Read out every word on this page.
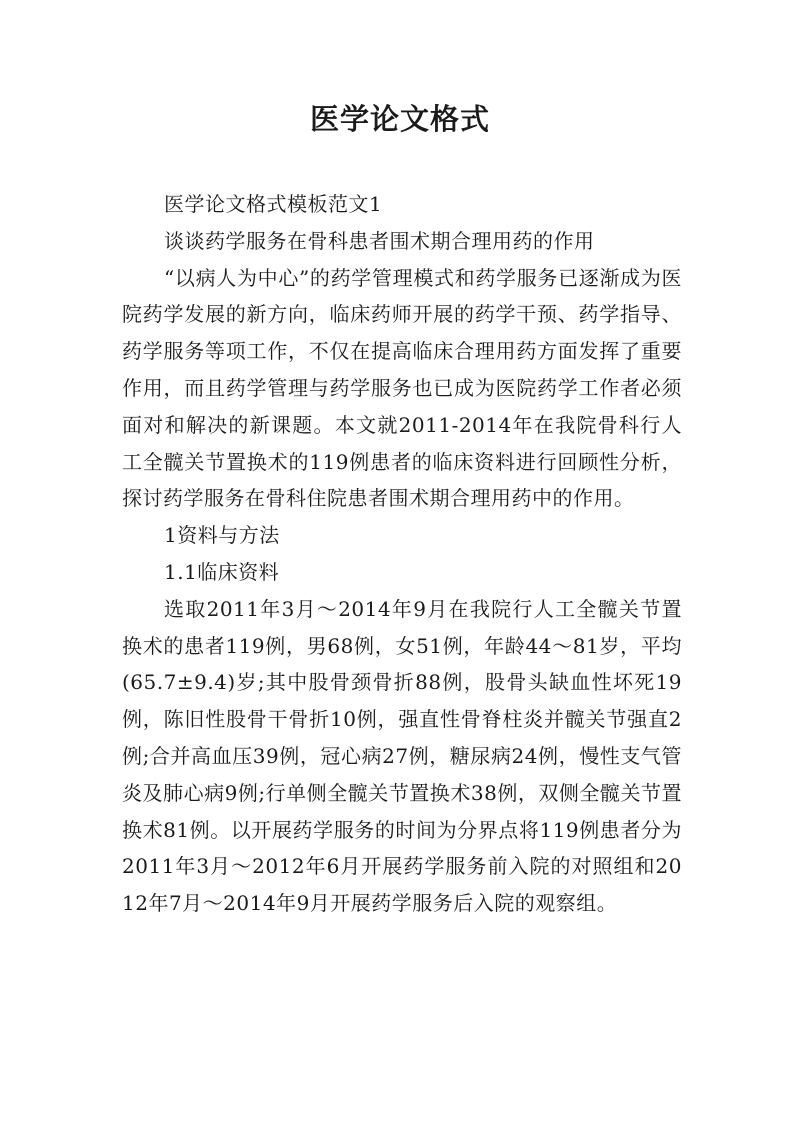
医学论文格式

医学论文格式模板范文1

谈谈药学服务在骨科患者围术期合理用药的作用

“以病人为中心”的药学管理模式和药学服务已逐渐成为医院药学发展的新方向，临床药师开展的药学干预、药学指导、药学服务等项工作，不仅在提高临床合理用药方面发挥了重要作用，而且药学管理与药学服务也已成为医院药学工作者必须面对和解决的新课题。本文就2011-2014年在我院骨科行人工全髋关节置换术的119例患者的临床资料进行回顾性分析，探讨药学服务在骨科住院患者围术期合理用药中的作用。

1资料与方法

1.1临床资料

选取2011年3月～2014年9月在我院行人工全髋关节置换术的患者119例，男68例，女51例，年龄44～81岁，平均(65.7±9.4)岁;其中股骨颈骨折88例，股骨头缺血性坏死19例，陈旧性股骨干骨折10例，强直性骨脊柱炎并髋关节强直2例;合并高血压39例，冠心病27例，糖尿病24例，慢性支气管炎及肺心病9例;行单侧全髋关节置换术38例，双侧全髋关节置换术81例。以开展药学服务的时间为分界点将119例患者分为2011年3月～2012年6月开展药学服务前入院的对照组和2012年7月～2014年9月开展药学服务后入院的观察组。
